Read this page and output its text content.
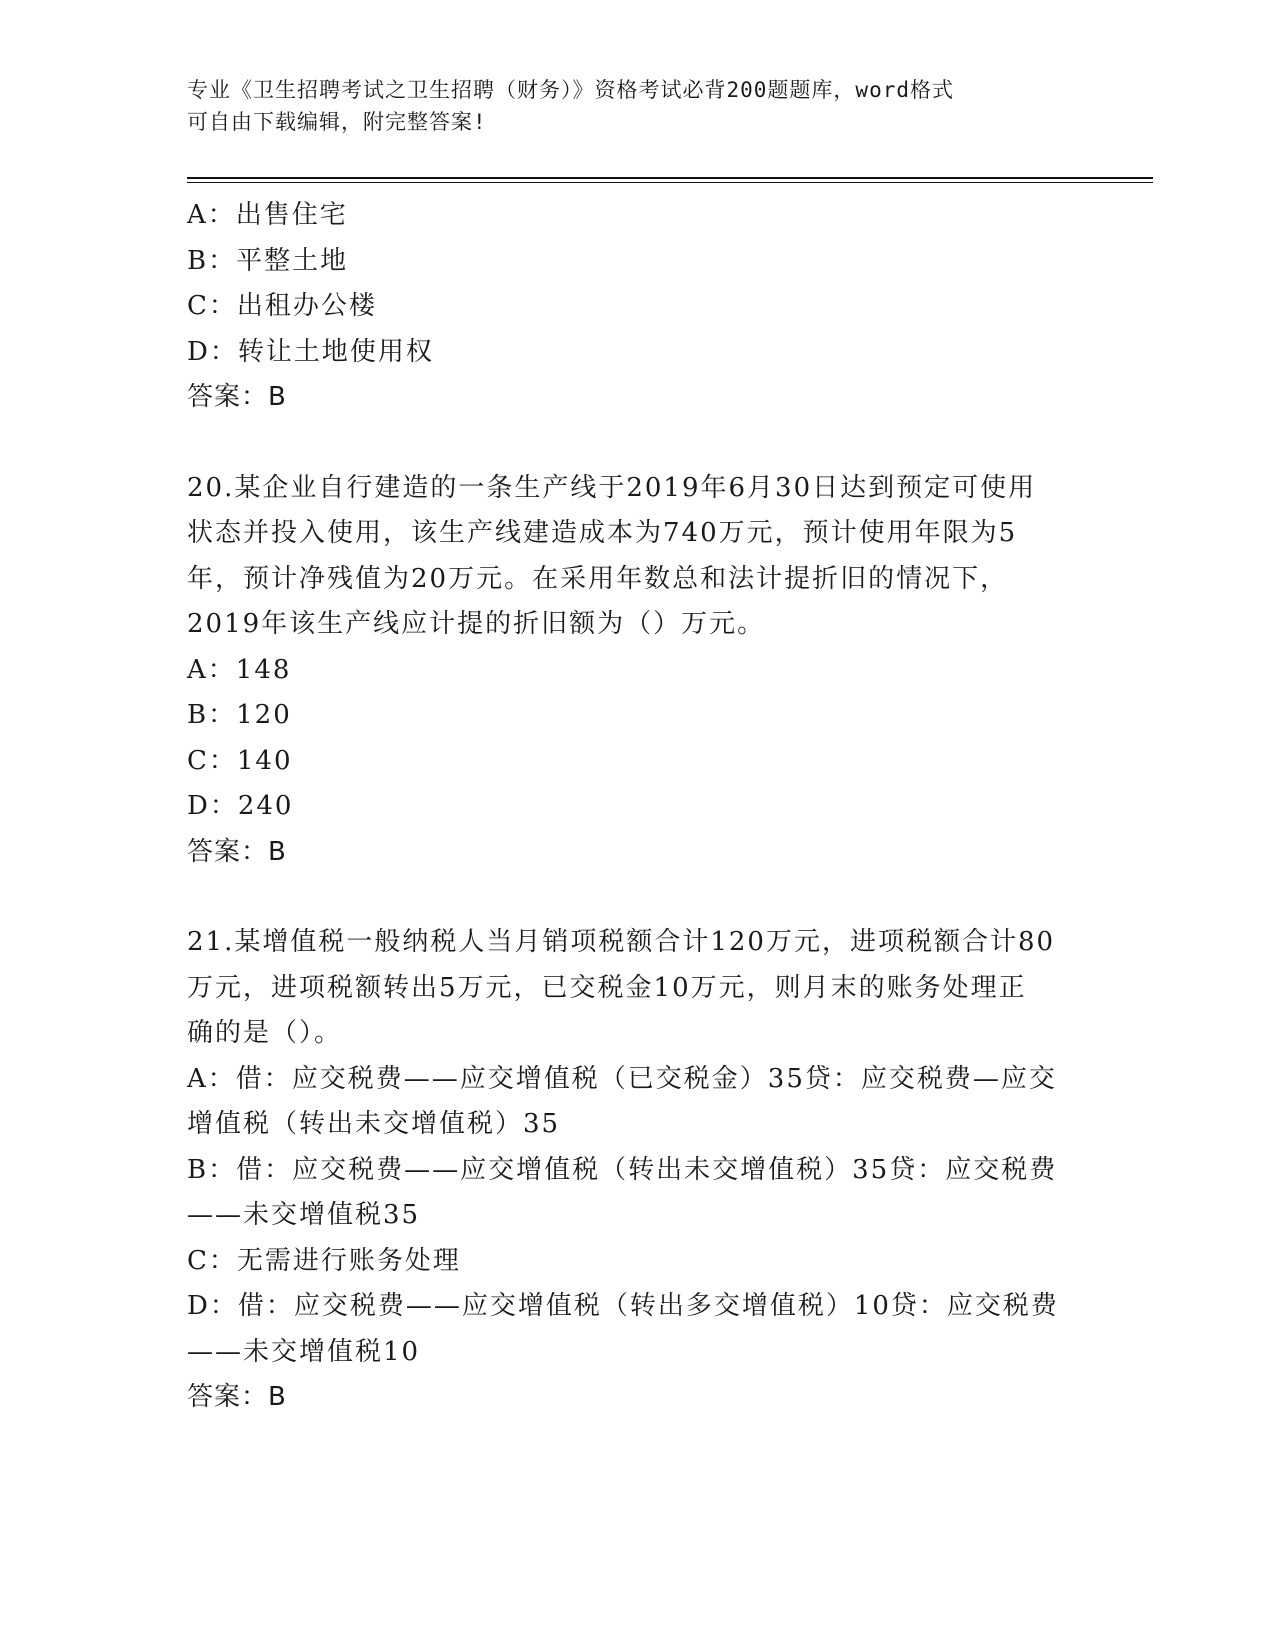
专业《卫生招聘考试之卫生招聘（财务）》资格考试必背200题题库，word格式
可自由下载编辑，附完整答案!
A：出售住宅
B：平整土地
C：出租办公楼
D：转让土地使用权
答案：B
20.某企业自行建造的一条生产线于2019年6月30日达到预定可使用
状态并投入使用，该生产线建造成本为740万元，预计使用年限为5
年，预计净残值为20万元。在采用年数总和法计提折旧的情况下，
2019年该生产线应计提的折旧额为（）万元。
A：148
B：120
C：140
D：240
答案：B
21.某增值税一般纳税人当月销项税额合计120万元，进项税额合计80
万元，进项税额转出5万元，已交税金10万元，则月末的账务处理正
确的是（）。
A：借：应交税费——应交增值税（已交税金）35贷：应交税费—应交
增值税（转出未交增值税）35
B：借：应交税费——应交增值税（转出未交增值税）35贷：应交税费
——未交增值税35
C：无需进行账务处理
D：借：应交税费——应交增值税（转出多交增值税）10贷：应交税费
——未交增值税10
答案：B
